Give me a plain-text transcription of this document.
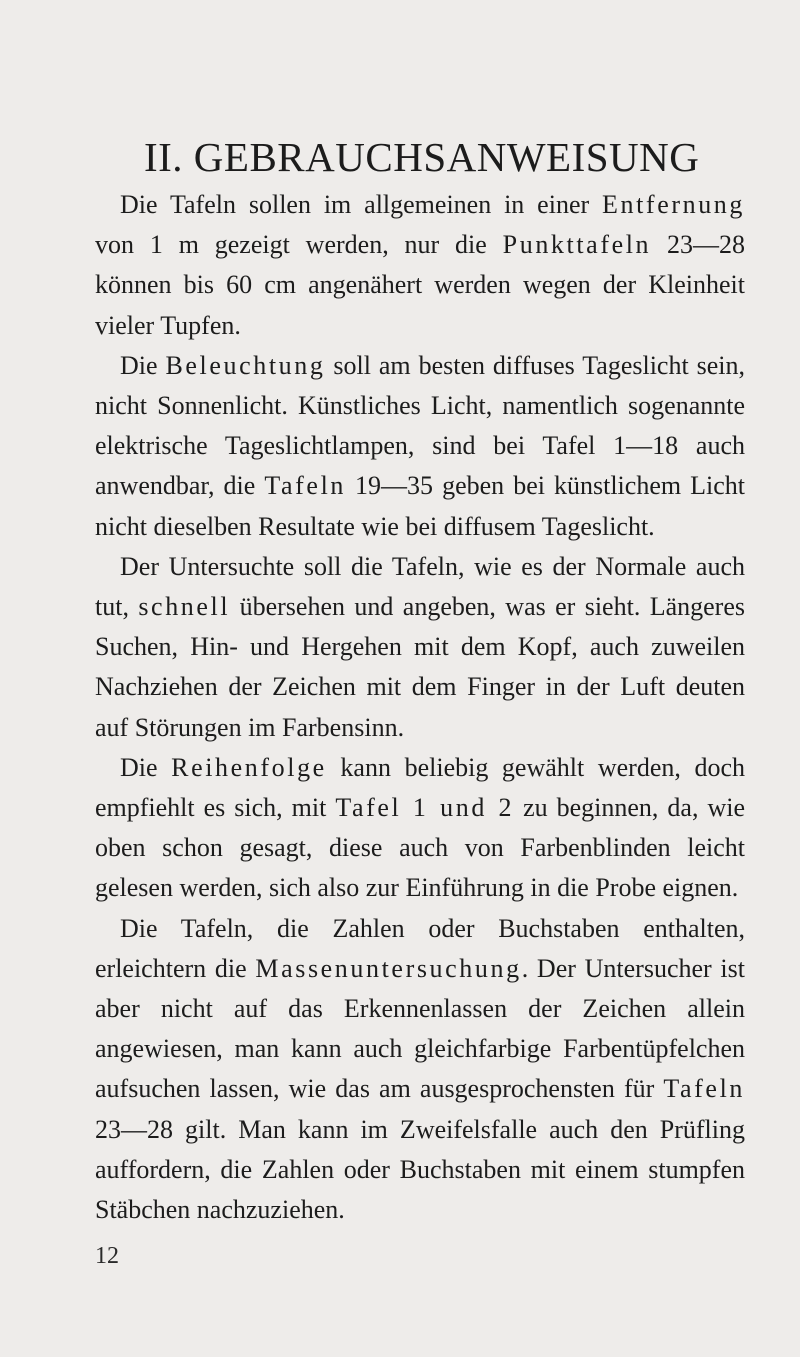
II. GEBRAUCHSANWEISUNG

Die Tafeln sollen im allgemeinen in einer Entfernung von 1 m gezeigt werden, nur die Punkttafeln 23—28 können bis 60 cm angenähert werden wegen der Kleinheit vieler Tupfen.

Die Beleuchtung soll am besten diffuses Tageslicht sein, nicht Sonnenlicht. Künstliches Licht, namentlich sogenannte elektrische Tageslichtlampen, sind bei Tafel 1—18 auch anwendbar, die Tafeln 19—35 geben bei künstlichem Licht nicht dieselben Resultate wie bei diffusem Tageslicht.

Der Untersuchte soll die Tafeln, wie es der Normale auch tut, schnell übersehen und angeben, was er sieht. Längeres Suchen, Hin- und Hergehen mit dem Kopf, auch zuweilen Nachziehen der Zeichen mit dem Finger in der Luft deuten auf Störungen im Farbensinn.

Die Reihenfolge kann beliebig gewählt werden, doch empfiehlt es sich, mit Tafel 1 und 2 zu beginnen, da, wie oben schon gesagt, diese auch von Farbenblinden leicht gelesen werden, sich also zur Einführung in die Probe eignen.

Die Tafeln, die Zahlen oder Buchstaben enthalten, erleichtern die Massenuntersuchung. Der Untersucher ist aber nicht auf das Erkennenlassen der Zeichen allein angewiesen, man kann auch gleichfarbige Farbentüpfelchen aufsuchen lassen, wie das am ausgesprochensten für Tafeln 23—28 gilt. Man kann im Zweifelsfalle auch den Prüfling auffordern, die Zahlen oder Buchstaben mit einem stumpfen Stäbchen nachzuziehen.

12
